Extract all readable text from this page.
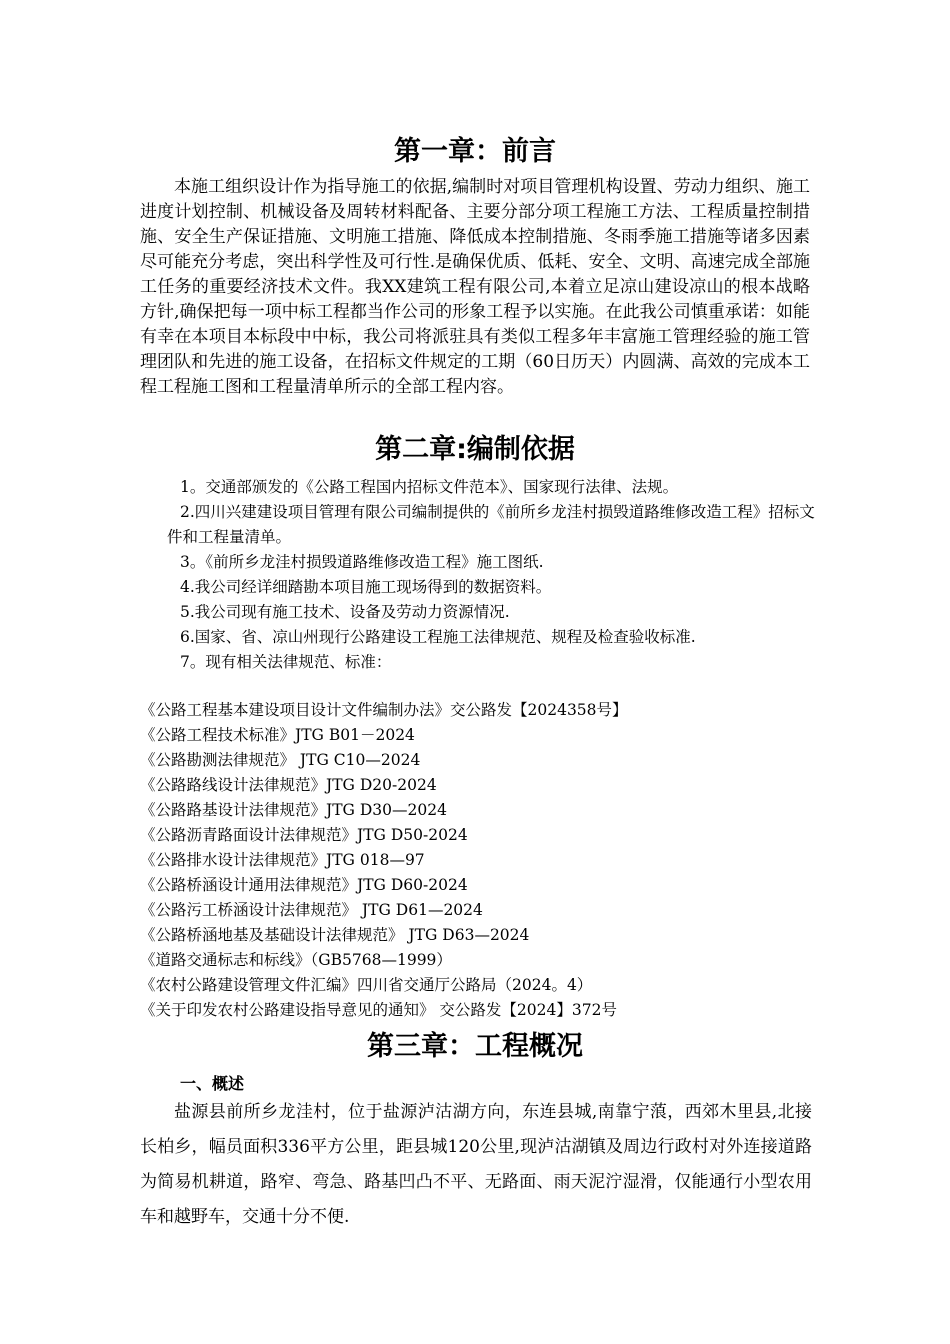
第一章：前言

本施工组织设计作为指导施工的依据,编制时对项目管理机构设置、劳动力组织、施工进度计划控制、机械设备及周转材料配备、主要分部分项工程施工方法、工程质量控制措施、安全生产保证措施、文明施工措施、降低成本控制措施、冬雨季施工措施等诸多因素尽可能充分考虑，突出科学性及可行性.是确保优质、低耗、安全、文明、高速完成全部施工任务的重要经济技术文件。我XX建筑工程有限公司,本着立足凉山建设凉山的根本战略方针,确保把每一项中标工程都当作公司的形象工程予以实施。在此我公司慎重承诺：如能有幸在本项目本标段中中标，我公司将派驻具有类似工程多年丰富施工管理经验的施工管理团队和先进的施工设备，在招标文件规定的工期（60日历天）内圆满、高效的完成本工程工程施工图和工程量清单所示的全部工程内容。

第二章:编制依据
1。交通部颁发的《公路工程国内招标文件范本》、国家现行法律、法规。
2.四川兴建建设项目管理有限公司编制提供的《前所乡龙洼村损毁道路维修改造工程》招标文件和工程量清单。
3。《前所乡龙洼村损毁道路维修改造工程》施工图纸.
4.我公司经详细踏勘本项目施工现场得到的数据资料。
5.我公司现有施工技术、设备及劳动力资源情况.
6.国家、省、凉山州现行公路建设工程施工法律规范、规程及检查验收标准.
7。现有相关法律规范、标准：
《公路工程基本建设项目设计文件编制办法》交公路发【2024358号】
《公路工程技术标准》JTG B01－2024
《公路勘测法律规范》 JTG C10—2024
《公路路线设计法律规范》JTG D20-2024
《公路路基设计法律规范》JTG D30—2024
《公路沥青路面设计法律规范》JTG D50-2024
《公路排水设计法律规范》JTG 018—97
《公路桥涵设计通用法律规范》JTG D60-2024
《公路污工桥涵设计法律规范》 JTG D61—2024
《公路桥涵地基及基础设计法律规范》 JTG D63—2024
《道路交通标志和标线》（GB5768—1999）
《农村公路建设管理文件汇编》四川省交通厅公路局（2024。4）
《关于印发农村公路建设指导意见的通知》 交公路发【2024】372号
第三章：工程概况
一、概述

盐源县前所乡龙洼村，位于盐源泸沽湖方向，东连县城,南靠宁蒗，西郊木里县,北接长柏乡，幅员面积336平方公里，距县城120公里,现泸沽湖镇及周边行政村对外连接道路为简易机耕道，路窄、弯急、路基凹凸不平、无路面、雨天泥泞湿滑，仅能通行小型农用车和越野车，交通十分不便.
